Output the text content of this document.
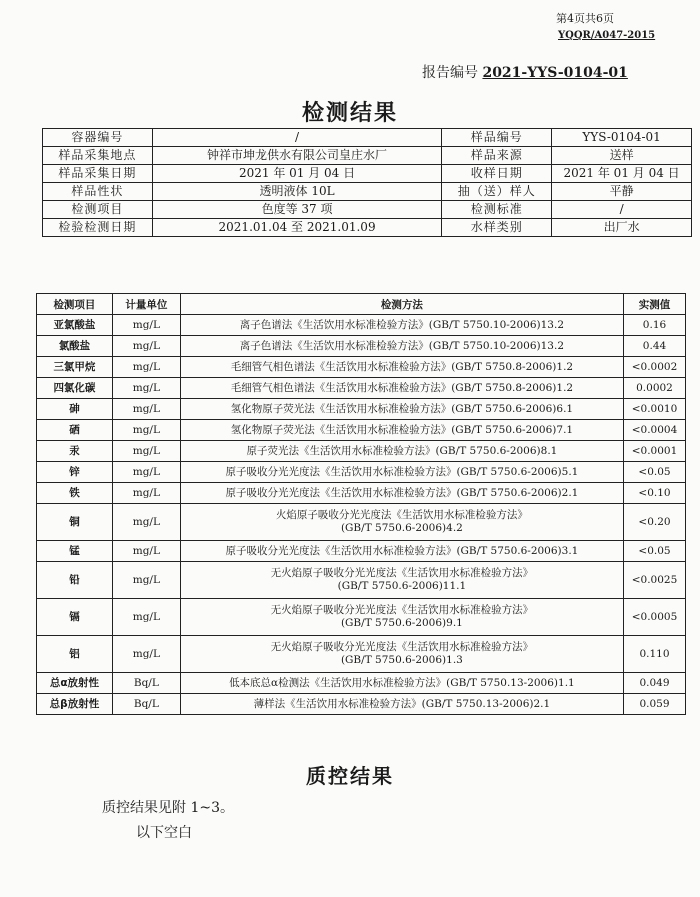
第4页共6页
YQQR/A047-2015
报告编号 2021-YYS-0104-01
检测结果
容器编号	/	样品编号	YYS-0104-01
样品采集地点	钟祥市坤龙供水有限公司皇庄水厂	样品来源	送样
样品采集日期	2021 年 01 月 04 日	收样日期	2021 年 01 月 04 日
样品性状	透明液体 10L	抽（送）样人	平静
检测项目	色度等 37 项	检测标准	/
检验检测日期	2021.01.04 至 2021.01.09	水样类别	出厂水
检测项目	计量单位	检测方法	实测值
亚氯酸盐	mg/L	离子色谱法《生活饮用水标准检验方法》(GB/T 5750.10-2006)13.2	0.16
氯酸盐	mg/L	离子色谱法《生活饮用水标准检验方法》(GB/T 5750.10-2006)13.2	0.44
三氯甲烷	mg/L	毛细管气相色谱法《生活饮用水标准检验方法》(GB/T 5750.8-2006)1.2	<0.0002
四氯化碳	mg/L	毛细管气相色谱法《生活饮用水标准检验方法》(GB/T 5750.8-2006)1.2	0.0002
砷	mg/L	氢化物原子荧光法《生活饮用水标准检验方法》(GB/T 5750.6-2006)6.1	<0.0010
硒	mg/L	氢化物原子荧光法《生活饮用水标准检验方法》(GB/T 5750.6-2006)7.1	<0.0004
汞	mg/L	原子荧光法《生活饮用水标准检验方法》(GB/T 5750.6-2006)8.1	<0.0001
锌	mg/L	原子吸收分光光度法《生活饮用水标准检验方法》(GB/T 5750.6-2006)5.1	<0.05
铁	mg/L	原子吸收分光光度法《生活饮用水标准检验方法》(GB/T 5750.6-2006)2.1	<0.10
铜	mg/L	火焰原子吸收分光光度法《生活饮用水标准检验方法》
(GB/T 5750.6-2006)4.2	<0.20
锰	mg/L	原子吸收分光光度法《生活饮用水标准检验方法》(GB/T 5750.6-2006)3.1	<0.05
铅	mg/L	无火焰原子吸收分光光度法《生活饮用水标准检验方法》
(GB/T 5750.6-2006)11.1	<0.0025
镉	mg/L	无火焰原子吸收分光光度法《生活饮用水标准检验方法》
(GB/T 5750.6-2006)9.1	<0.0005
铝	mg/L	无火焰原子吸收分光光度法《生活饮用水标准检验方法》
(GB/T 5750.6-2006)1.3	0.110
总α放射性	Bq/L	低本底总α检测法《生活饮用水标准检验方法》(GB/T 5750.13-2006)1.1	0.049
总β放射性	Bq/L	薄样法《生活饮用水标准检验方法》(GB/T 5750.13-2006)2.1	0.059
质控结果
质控结果见附 1~3。
以下空白
